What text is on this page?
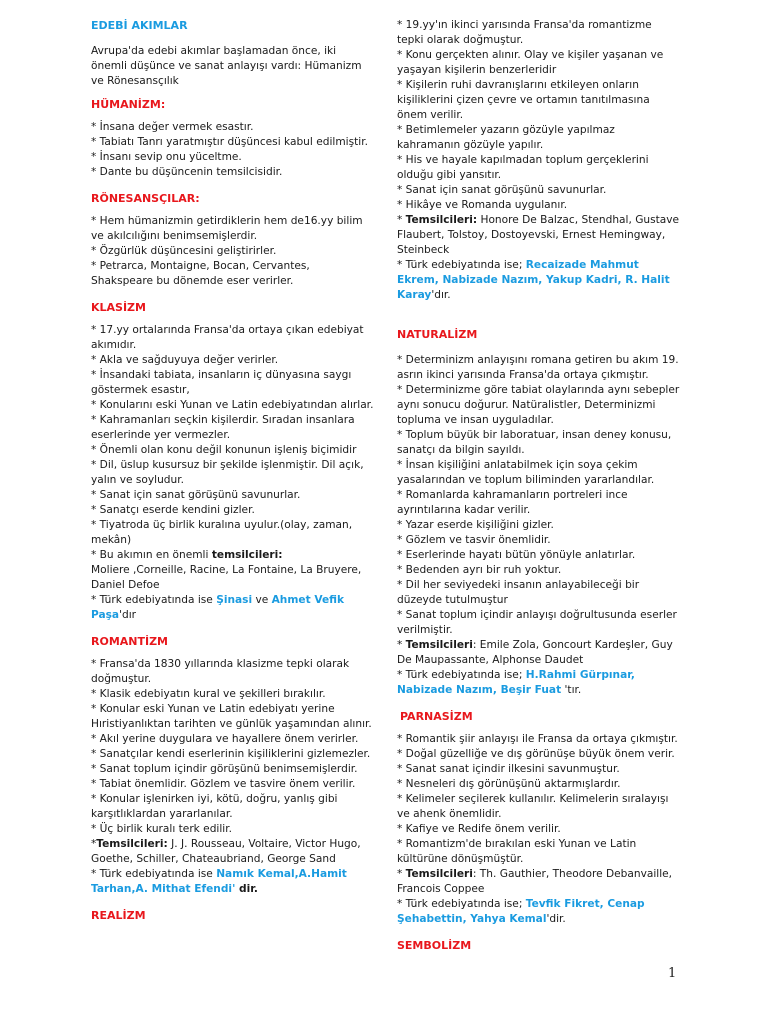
EDEBİ AKIMLAR

Avrupa'da edebi akımlar başlamadan önce, iki önemli düşünce ve sanat anlayışı vardı: Hümanizm ve Rönesansçılık

HÜMANİZM:

* İnsana değer vermek esastır.

* Tabiatı Tanrı yaratmıştır düşüncesi kabul edilmiştir.

* İnsanı sevip onu yüceltme.

* Dante bu düşüncenin temsilcisidir.

RÖNESANSÇILAR:

* Hem hümanizmin getirdiklerin hem de16.yy bilim ve akılcılığını benimsemişlerdir.

* Özgürlük düşüncesini geliştirirler.

* Petrarca, Montaigne, Bocan, Cervantes, Shakspeare bu dönemde eser verirler.

KLASİZM

* 17.yy ortalarında Fransa'da ortaya çıkan edebiyat akımıdır.

* Akla ve sağduyuya değer verirler.

* İnsandaki tabiata, insanların iç dünyasına saygı göstermek esastır,

* Konularını eski Yunan ve Latin edebiyatından alırlar.

* Kahramanları seçkin kişilerdir. Sıradan insanlara eserlerinde yer vermezler.

* Önemli olan konu değil konunun işleniş biçimidir

* Dil, üslup kusursuz bir şekilde işlenmiştir. Dil açık, yalın ve soyludur.

* Sanat için sanat görüşünü savunurlar.

* Sanatçı eserde kendini gizler.

* Tiyatroda üç birlik kuralına uyulur.(olay, zaman, mekân)

* Bu akımın en önemli temsilcileri:

Moliere ,Corneille, Racine, La Fontaine, La Bruyere, Daniel Defoe

* Türk edebiyatında ise Şinasi ve Ahmet Vefik Paşa'dır

ROMANTİZM

* Fransa'da 1830 yıllarında klasizme tepki olarak doğmuştur.

* Klasik edebiyatın kural ve şekilleri bırakılır.

* Konular eski Yunan ve Latin edebiyatı yerine Hıristiyanlıktan tarihten ve günlük yaşamından alınır.

* Akıl yerine duygulara ve hayallere önem verirler.

* Sanatçılar kendi eserlerinin kişiliklerini gizlemezler.

* Sanat toplum içindir görüşünü benimsemişlerdir.

* Tabiat önemlidir. Gözlem ve tasvire önem verilir.

* Konular işlenirken iyi, kötü, doğru, yanlış gibi karşıtlıklardan yararlanılar.

* Üç birlik kuralı terk edilir.

*Temsilcileri: J. J. Rousseau, Voltaire, Victor Hugo, Goethe, Schiller, Chateaubriand, George Sand

* Türk edebiyatında ise Namık Kemal,A.Hamit Tarhan,A. Mithat Efendi' dir.

REALİZM

* 19.yy'ın ikinci yarısında Fransa'da romantizme tepki olarak doğmuştur.

* Konu gerçekten alınır. Olay ve kişiler yaşanan ve yaşayan kişilerin benzerleridir

* Kişilerin ruhi davranışlarını etkileyen onların kişiliklerini çizen çevre ve ortamın tanıtılmasına önem verilir.

* Betimlemeler yazarın gözüyle yapılmaz kahramanın gözüyle yapılır.

* His ve hayale kapılmadan toplum gerçeklerini olduğu gibi yansıtır.

* Sanat için sanat görüşünü savunurlar.

* Hikâye ve Romanda uygulanır.

* Temsilcileri: Honore De Balzac, Stendhal, Gustave Flaubert, Tolstoy, Dostoyevski, Ernest Hemingway, Steinbeck

* Türk edebiyatında ise; Recaizade Mahmut Ekrem, Nabizade Nazım, Yakup Kadri, R. Halit Karay'dır.

NATURALİZM

* Determinizm anlayışını romana getiren bu akım 19. asrın ikinci yarısında Fransa'da ortaya çıkmıştır.

* Determinizme göre tabiat olaylarında aynı sebepler aynı sonucu doğurur. Natüralistler, Determinizmi topluma ve insan uyguladılar.

* Toplum büyük bir laboratuar, insan deney konusu, sanatçı da bilgin sayıldı.

* İnsan kişiliğini anlatabilmek için soya çekim yasalarından ve toplum biliminden yararlandılar.

* Romanlarda kahramanların portreleri ince ayrıntılarına kadar verilir.

* Yazar eserde kişiliğini gizler.

* Gözlem ve tasvir önemlidir.

* Eserlerinde hayatı bütün yönüyle anlatırlar.

* Bedenden ayrı bir ruh yoktur.

* Dil her seviyedeki insanın anlayabileceği bir düzeyde tutulmuştur

* Sanat toplum içindir anlayışı doğrultusunda eserler verilmiştir.

* Temsilcileri: Emile Zola, Goncourt Kardeşler, Guy De Maupassante, Alphonse Daudet

* Türk edebiyatında ise; H.Rahmi Gürpınar, Nabizade Nazım, Beşir Fuat 'tır.

PARNASİZM

* Romantik şiir anlayışı ile Fransa da ortaya çıkmıştır.

* Doğal güzelliğe ve dış görünüşe büyük önem verir.

* Sanat sanat içindir ilkesini savunmuştur.

* Nesneleri dış görünüşünü aktarmışlardır.

* Kelimeler seçilerek kullanılır. Kelimelerin sıralayışı ve ahenk önemlidir.

* Kafiye ve Redife önem verilir.

* Romantizm'de bırakılan eski Yunan ve Latin kültürüne dönüşmüştür.

* Temsilcileri: Th. Gauthier, Theodore Debanvaille, Francois Coppee

* Türk edebiyatında ise; Tevfik Fikret, Cenap Şehabettin, Yahya Kemal'dir.

SEMBOLİZM

1
